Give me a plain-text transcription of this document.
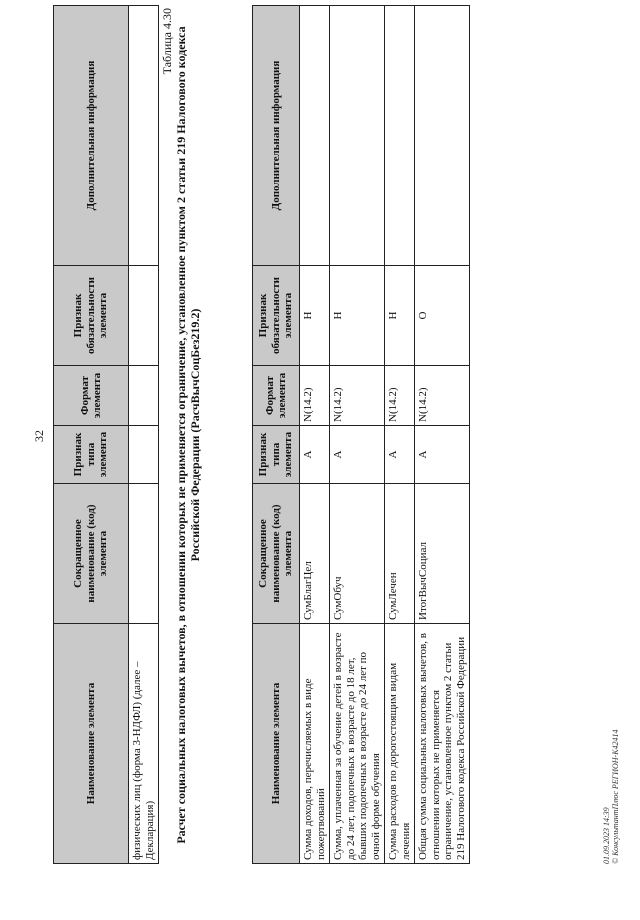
32
Наименование элемента	Сокращенное наименование (код) элемента	Признак типа элемента	Формат элемента	Признак обязательности элемента	Дополнительная информация
физических лиц (форма 3-НДФЛ) (далее – Декларация)					
Таблица 4.30 Расчет социальных налоговых вычетов, в отношении которых не применяется ограничение, установленное пунктом 2 статьи 219 Налогового кодекса Российской Федерации (РасчВычСоцБез219.2)
Наименование элемента	Сокращенное наименование (код) элемента	Признак типа элемента	Формат элемента	Признак обязательности элемента	Дополнительная информация
Сумма доходов, перечисляемых в виде пожертвований	СумБлагЦел	А	N(14.2)	Н	
Сумма, уплаченная за обучение детей в возрасте до 24 лет, подопечных в возрасте до 18 лет, бывших подопечных в возрасте до 24 лет по очной форме обучения	СумОбуч	А	N(14.2)	Н	
Сумма расходов по дорогостоящим видам лечения	СумЛечен	А	N(14.2)	Н	
Общая сумма социальных налоговых вычетов, в отношении которых не применяется ограничение, установленное пунктом 2 статьи 219 Налогового кодекса Российской Федерации	ИтогВычСоциал	А	N(14.2)	О	
01.09.2023 14:39 © КонсультантПлюс РЕГИОН-К42414
